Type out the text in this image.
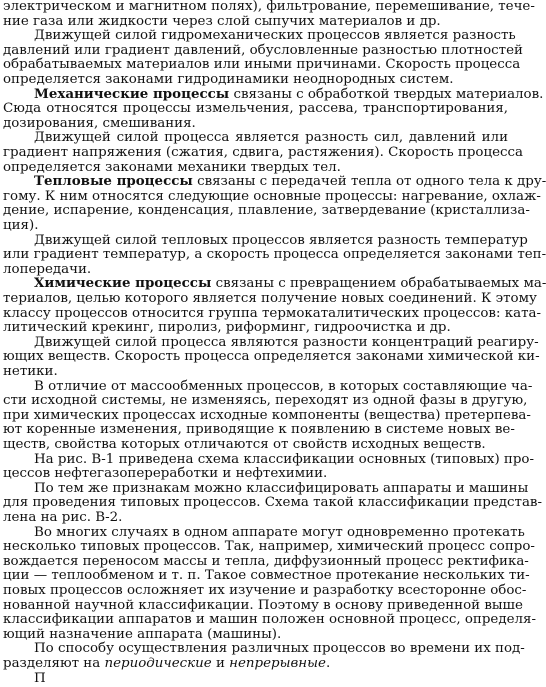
электрическом и магнитном полях), фильтрование, перемешивание, тече-
ние газа или жидкости через слой сыпучих материалов и др.
Движущей силой гидромеханических процессов является разность
давлений или градиент давлений, обусловленные разностью плотностей
обрабатываемых материалов или иными причинами. Скорость процесса
определяется законами гидродинамики неоднородных систем.
Механические процессы связаны с обработкой твердых материалов.
Сюда относятся процессы измельчения, рассева, транспортирования,
дозирования, смешивания.
Движущей силой процесса является разность сил, давлений или
градиент напряжения (сжатия, сдвига, растяжения). Скорость процесса
определяется законами механики твердых тел.
Тепловые процессы связаны с передачей тепла от одного тела к дру-
гому. К ним относятся следующие основные процессы: нагревание, охлаж-
дение, испарение, конденсация, плавление, затвердевание (кристаллиза-
ция).
Движущей силой тепловых процессов является разность температур
или градиент температур, а скорость процесса определяется законами теп-
лопередачи.
Химические процессы связаны с превращением обрабатываемых ма-
териалов, целью которого является получение новых соединений. К этому
классу процессов относится группа термокаталитических процессов: ката-
литический крекинг, пиролиз, риформинг, гидроочистка и др.
Движущей силой процесса являются разности концентраций реагиру-
ющих веществ. Скорость процесса определяется законами химической ки-
нетики.
В отличие от массообменных процессов, в которых составляющие ча-
сти исходной системы, не изменяясь, переходят из одной фазы в другую,
при химических процессах исходные компоненты (вещества) претерпева-
ют коренные изменения, приводящие к появлению в системе новых ве-
ществ, свойства которых отличаются от свойств исходных веществ.
На рис. В-1 приведена схема классификации основных (типовых) про-
цессов нефтегазопереработки и нефтехимии.
По тем же признакам можно классифицировать аппараты и машины
для проведения типовых процессов. Схема такой классификации представ-
лена на рис. В-2.
Во многих случаях в одном аппарате могут одновременно протекать
несколько типовых процессов. Так, например, химический процесс сопро-
вождается переносом массы и тепла, диффузионный процесс ректифика-
ции — теплообменом и т. п. Такое совместное протекание нескольких ти-
повых процессов осложняет их изучение и разработку всесторонне обос-
нованной научной классификации. Поэтому в основу приведенной выше
классификации аппаратов и машин положен основной процесс, определя-
ющий назначение аппарата (машины).
По способу осуществления различных процессов во времени их под-
разделяют на периодические и непрерывные.
П
